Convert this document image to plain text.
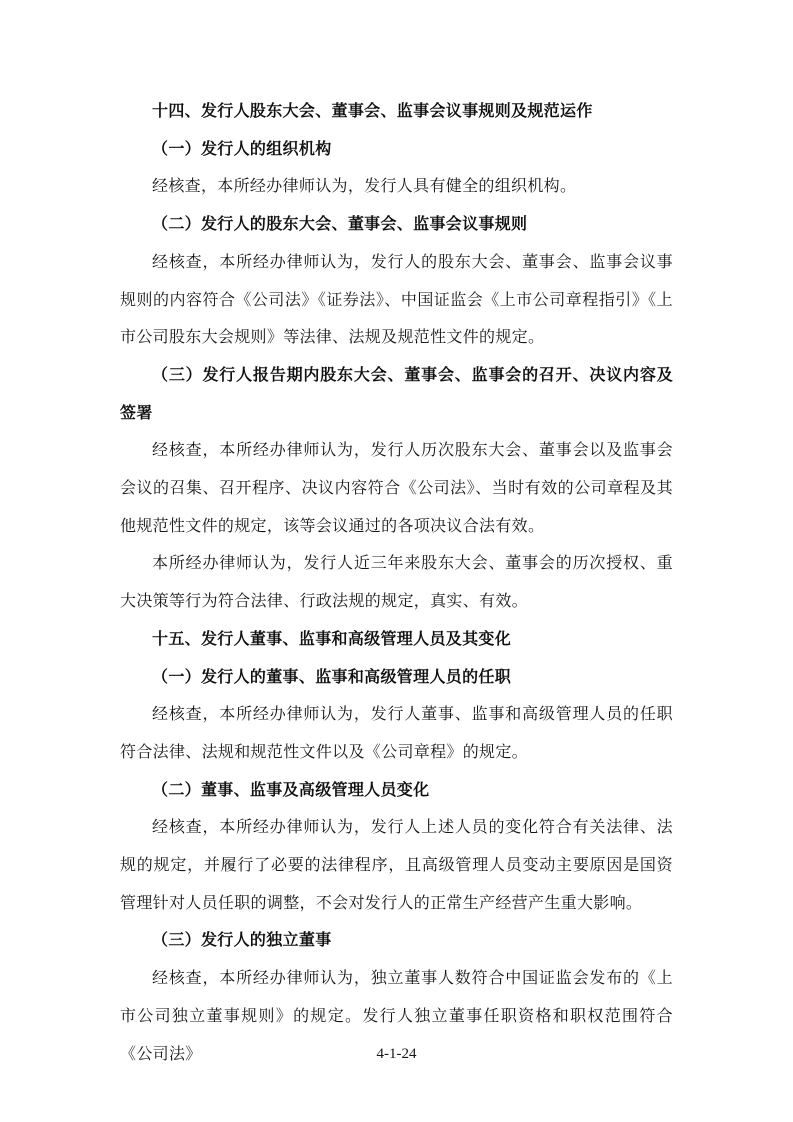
十四、发行人股东大会、董事会、监事会议事规则及规范运作
（一）发行人的组织机构

经核查，本所经办律师认为，发行人具有健全的组织机构。

（二）发行人的股东大会、董事会、监事会议事规则

经核查，本所经办律师认为，发行人的股东大会、董事会、监事会议事规则的内容符合《公司法》《证券法》、中国证监会《上市公司章程指引》《上市公司股东大会规则》等法律、法规及规范性文件的规定。

（三）发行人报告期内股东大会、董事会、监事会的召开、决议内容及签署

经核查，本所经办律师认为，发行人历次股东大会、董事会以及监事会会议的召集、召开程序、决议内容符合《公司法》、当时有效的公司章程及其他规范性文件的规定，该等会议通过的各项决议合法有效。

本所经办律师认为，发行人近三年来股东大会、董事会的历次授权、重大决策等行为符合法律、行政法规的规定，真实、有效。

十五、发行人董事、监事和高级管理人员及其变化
（一）发行人的董事、监事和高级管理人员的任职

经核查，本所经办律师认为，发行人董事、监事和高级管理人员的任职符合法律、法规和规范性文件以及《公司章程》的规定。

（二）董事、监事及高级管理人员变化

经核查，本所经办律师认为，发行人上述人员的变化符合有关法律、法规的规定，并履行了必要的法律程序，且高级管理人员变动主要原因是国资管理针对人员任职的调整，不会对发行人的正常生产经营产生重大影响。

（三）发行人的独立董事

经核查，本所经办律师认为，独立董事人数符合中国证监会发布的《上市公司独立董事规则》的规定。发行人独立董事任职资格和职权范围符合《公司法》	4-1-24
